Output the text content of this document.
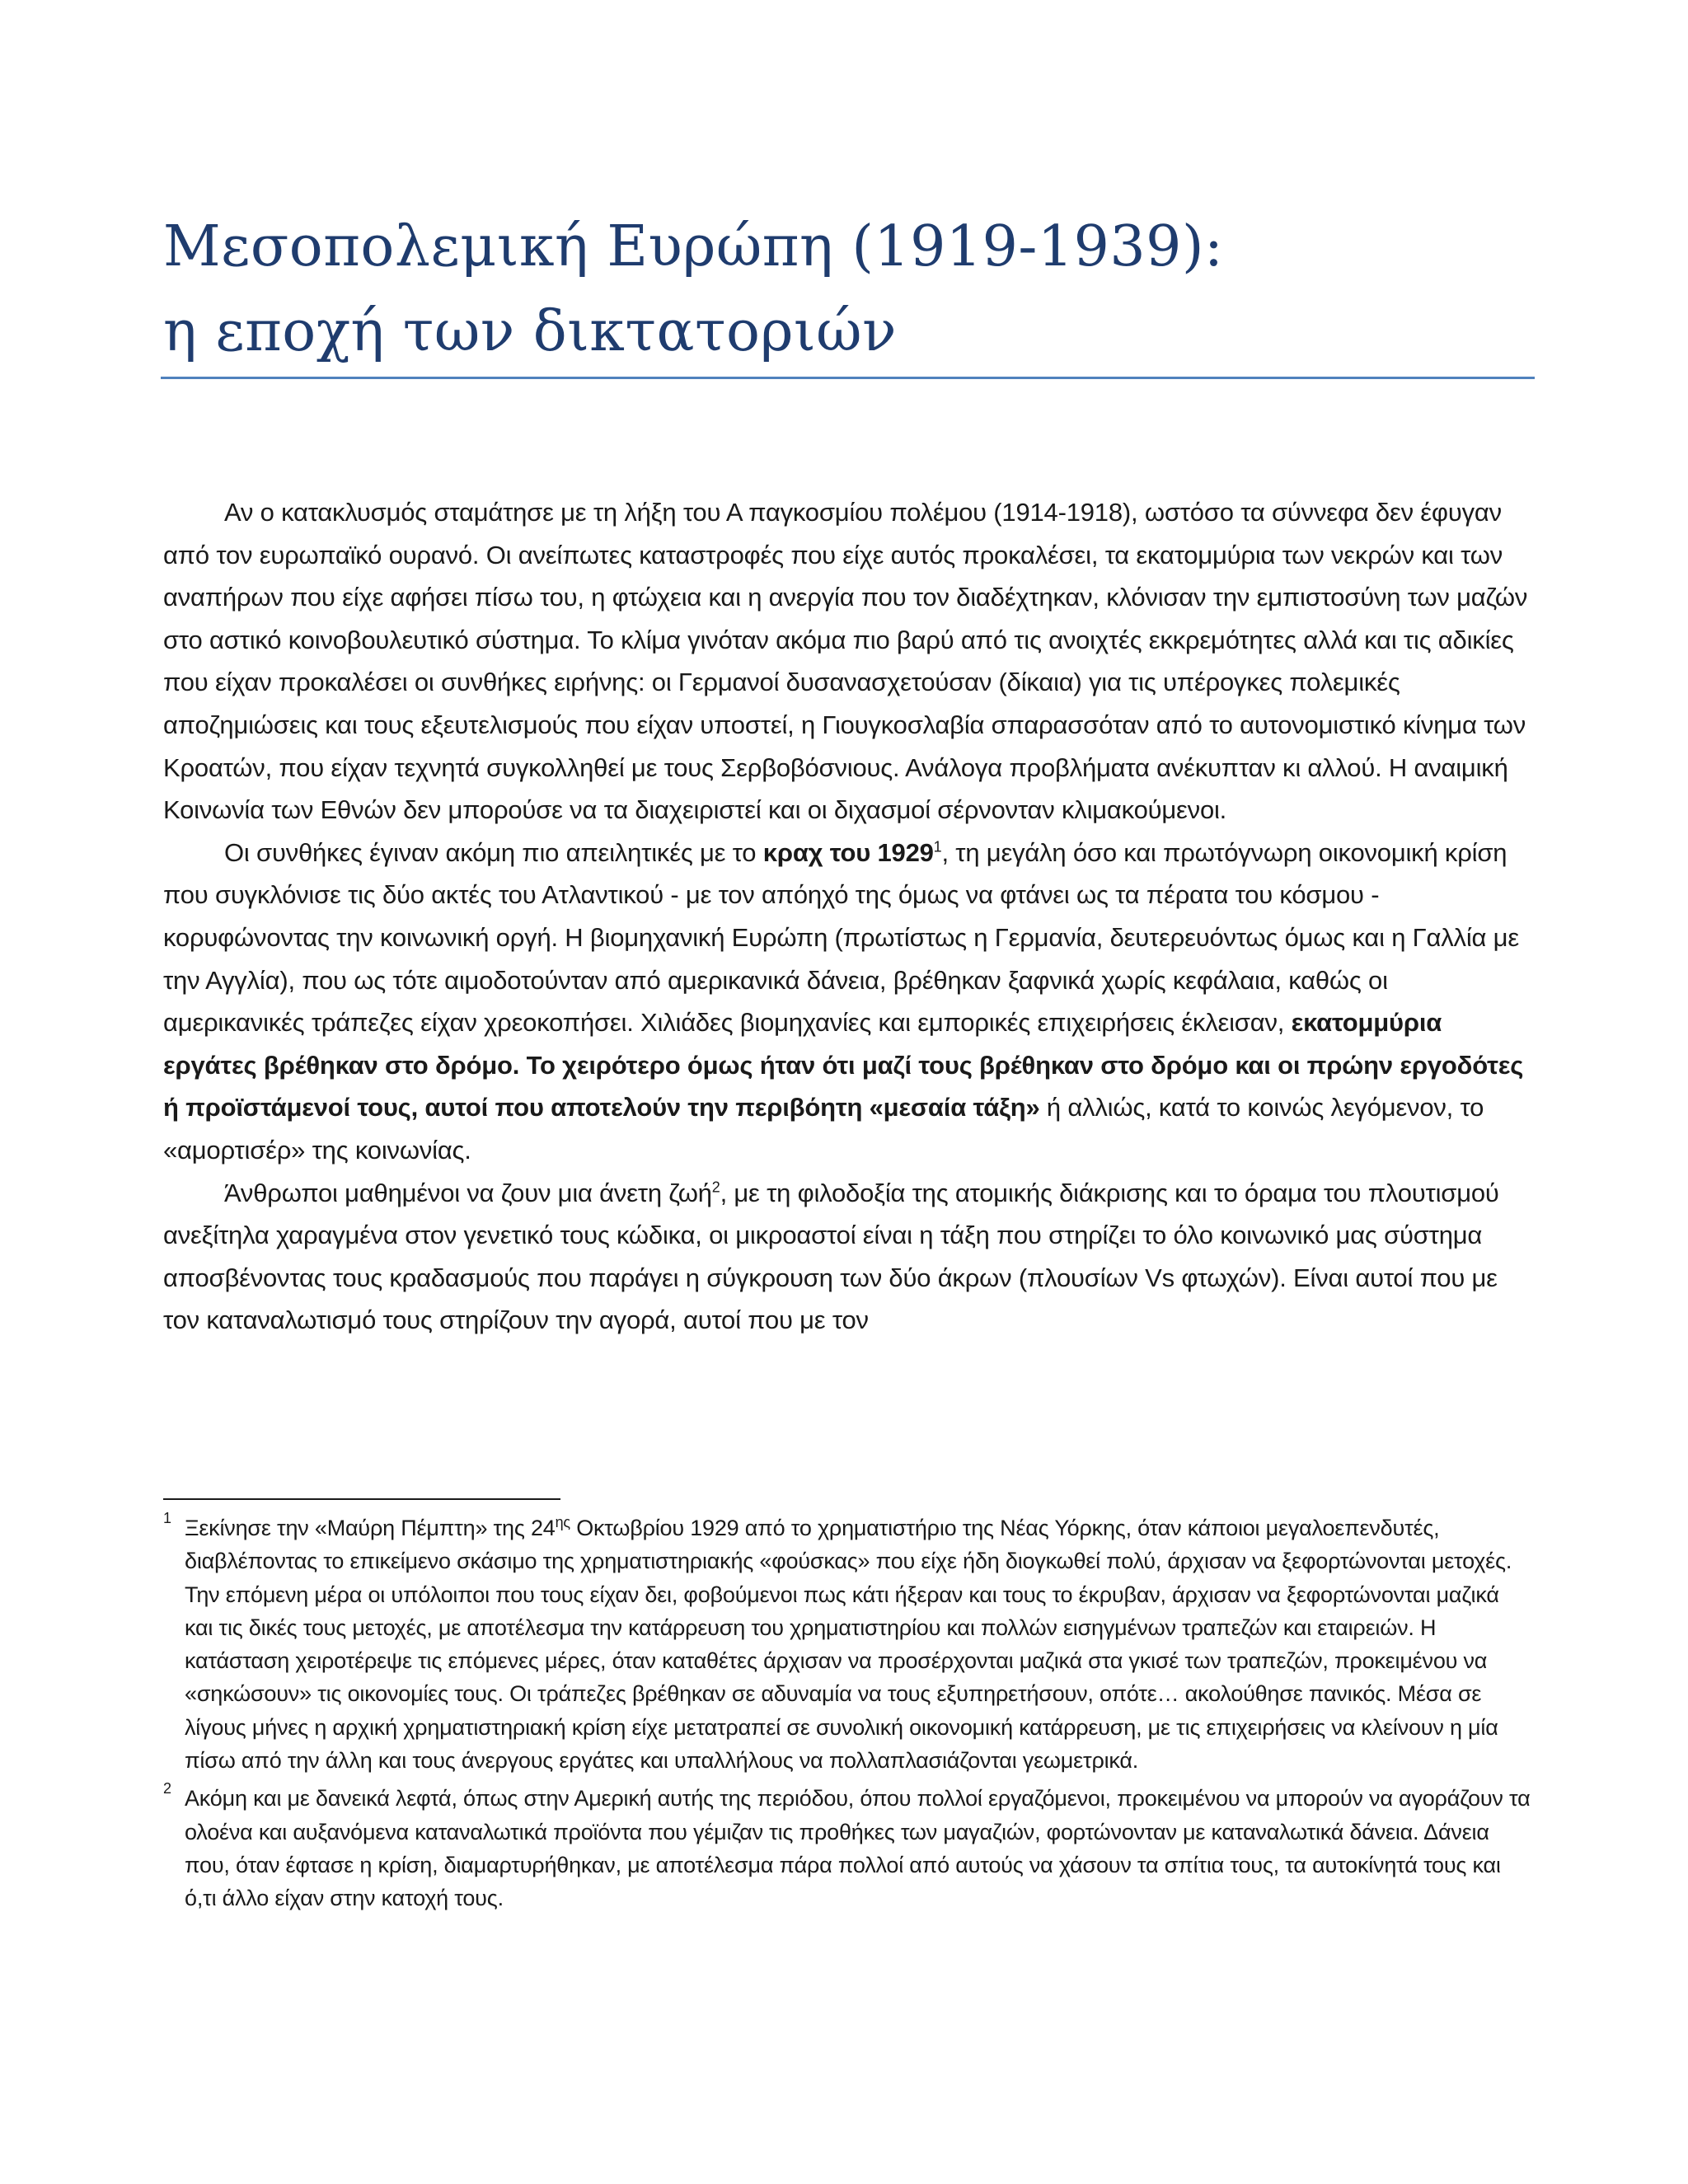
Μεσοπολεμική Ευρώπη (1919-1939):
η εποχή των δικτατοριών

Αν ο κατακλυσμός σταμάτησε με τη λήξη του Α παγκοσμίου πολέμου (1914-1918), ωστόσο τα σύννεφα δεν έφυγαν από τον ευρωπαϊκό ουρανό. Οι ανείπωτες καταστροφές που είχε αυτός προκαλέσει, τα εκατομμύρια των νεκρών και των αναπήρων που είχε αφήσει πίσω του, η φτώχεια και η ανεργία που τον διαδέχτηκαν, κλόνισαν την εμπιστοσύνη των μαζών στο αστικό κοινοβουλευτικό σύστημα. Το κλίμα γινόταν ακόμα πιο βαρύ από τις ανοιχτές εκκρεμότητες αλλά και τις αδικίες που είχαν προκαλέσει οι συνθήκες ειρήνης: οι Γερμανοί δυσανασχετούσαν (δίκαια) για τις υπέρογκες πολεμικές αποζημιώσεις και τους εξευτελισμούς που είχαν υποστεί, η Γιουγκοσλαβία σπαρασσόταν από το αυτονομιστικό κίνημα των Κροατών, που είχαν τεχνητά συγκολληθεί με τους Σερβοβόσνιους. Ανάλογα προβλήματα ανέκυπταν κι αλλού. Η αναιμική Κοινωνία των Εθνών δεν μπορούσε να τα διαχειριστεί και οι διχασμοί σέρνονταν κλιμακούμενοι.

Οι συνθήκες έγιναν ακόμη πιο απειλητικές με το κραχ του 1929$^1$, τη μεγάλη όσο και πρωτόγνωρη οικονομική κρίση που συγκλόνισε τις δύο ακτές του Ατλαντικού - με τον απόηχό της όμως να φτάνει ως τα πέρατα του κόσμου - κορυφώνοντας την κοινωνική οργή. Η βιομηχανική Ευρώπη (πρωτίστως η Γερμανία, δευτερευόντως όμως και η Γαλλία με την Αγγλία), που ως τότε αιμοδοτούνταν από αμερικανικά δάνεια, βρέθηκαν ξαφνικά χωρίς κεφάλαια, καθώς οι αμερικανικές τράπεζες είχαν χρεοκοπήσει. Χιλιάδες βιομηχανίες και εμπορικές επιχειρήσεις έκλεισαν, εκατομμύρια εργάτες βρέθηκαν στο δρόμο. Το χειρότερο όμως ήταν ότι μαζί τους βρέθηκαν στο δρόμο και οι πρώην εργοδότες ή προϊστάμενοί τους, αυτοί που αποτελούν την περιβόητη «μεσαία τάξη» ή αλλιώς, κατά το κοινώς λεγόμενον, το «αμορτισέρ» της κοινωνίας.

Άνθρωποι μαθημένοι να ζουν μια άνετη ζωή$^2$, με τη φιλοδοξία της ατομικής διάκρισης και το όραμα του πλουτισμού ανεξίτηλα χαραγμένα στον γενετικό τους κώδικα, οι μικροαστοί είναι η τάξη που στηρίζει το όλο κοινωνικό μας σύστημα αποσβένοντας τους κραδασμούς που παράγει η σύγκρουση των δύο άκρων (πλουσίων Vs φτωχών). Είναι αυτοί που με τον καταναλωτισμό τους στηρίζουν την αγορά, αυτοί που με τον

1 Ξεκίνησε την «Μαύρη Πέμπτη» της $24^{\eta\varsigma}$ Οκτωβρίου 1929 από το χρηματιστήριο της Νέας Υόρκης, όταν κάποιοι μεγαλοεπενδυτές, διαβλέποντας το επικείμενο σκάσιμο της χρηματιστηριακής «φούσκας» που είχε ήδη διογκωθεί πολύ, άρχισαν να ξεφορτώνονται μετοχές. Την επόμενη μέρα οι υπόλοιποι που τους είχαν δει, φοβούμενοι πως κάτι ήξεραν και τους το έκρυβαν, άρχισαν να ξεφορτώνονται μαζικά και τις δικές τους μετοχές, με αποτέλεσμα την κατάρρευση του χρηματιστηρίου και πολλών εισηγμένων τραπεζών και εταιρειών. Η κατάσταση χειροτέρεψε τις επόμενες μέρες, όταν καταθέτες άρχισαν να προσέρχονται μαζικά στα γκισέ των τραπεζών, προκειμένου να «σηκώσουν» τις οικονομίες τους. Οι τράπεζες βρέθηκαν σε αδυναμία να τους εξυπηρετήσουν, οπότε… ακολούθησε πανικός. Μέσα σε λίγους μήνες η αρχική χρηματιστηριακή κρίση είχε μετατραπεί σε συνολική οικονομική κατάρρευση, με τις επιχειρήσεις να κλείνουν η μία πίσω από την άλλη και τους άνεργους εργάτες και υπαλλήλους να πολλαπλασιάζονται γεωμετρικά.

2 Ακόμη και με δανεικά λεφτά, όπως στην Αμερική αυτής της περιόδου, όπου πολλοί εργαζόμενοι, προκειμένου να μπορούν να αγοράζουν τα ολοένα και αυξανόμενα καταναλωτικά προϊόντα που γέμιζαν τις προθήκες των μαγαζιών, φορτώνονταν με καταναλωτικά δάνεια. Δάνεια που, όταν έφτασε η κρίση, διαμαρτυρήθηκαν, με αποτέλεσμα πάρα πολλοί από αυτούς να χάσουν τα σπίτια τους, τα αυτοκίνητά τους και ό,τι άλλο είχαν στην κατοχή τους.
